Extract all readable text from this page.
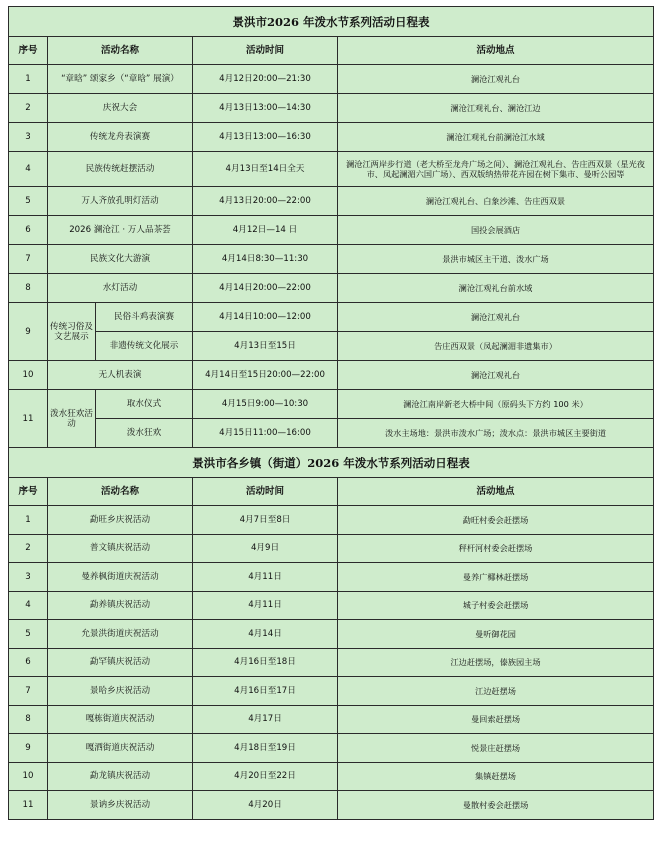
景洪市2026 年泼水节系列活动日程表				
序号	活动名称		活动时间	活动地点
1	“章晗” 颂家乡（“章晗” 展演）		4月12日20:00—21:30	澜沧江观礼台
2	庆祝大会		4月13日13:00—14:30	澜沧江观礼台、澜沧江边
3	传统龙舟表演赛		4月13日13:00—16:30	澜沧江观礼台前澜沧江水域
4	民族传统赶摆活动		4月13日至14日全天	澜沧江两岸步行道（老大桥至龙舟广场之间）、澜沧江观礼台、告庄西双景（星光夜市、凤起澜湄六国广场）、西双版纳热带花卉园在树下集市、曼听公园等
5	万人齐放孔明灯活动		4月13日20:00—22:00	澜沧江观礼台、白象沙滩、告庄西双景
6	2026 澜沧江 · 万人品茶荟		4月12日—14 日	国投会展酒店
7	民族文化大游演		4月14日8:30—11:30	景洪市城区主干道、泼水广场
8	水灯活动		4月14日20:00—22:00	澜沧江观礼台前水域
9	传统习俗及文艺展示	民俗斗鸡表演赛	4月14日10:00—12:00	澜沧江观礼台
		非遗传统文化展示	4月13日至15日	告庄西双景（凤起澜湄非遗集市）
10	无人机表演		4月14日至15日20:00—22:00	澜沧江观礼台
11	泼水狂欢活动	取水仪式	4月15日9:00—10:30	澜沧江南岸新老大桥中间（原码头下方约 100 米）
		泼水狂欢	4月15日11:00—16:00	泼水主场地：景洪市泼水广场；泼水点：景洪市城区主要街道
景洪市各乡镇（街道）2026 年泼水节系列活动日程表				
序号	活动名称		活动时间	活动地点
1	勐旺乡庆祝活动		4月7日至8日	勐旺村委会赶摆场
2	普文镇庆祝活动		4月9日	秤杆河村委会赶摆场
3	曼养枫街道庆祝活动		4月11日	曼养广椰林赶摆场
4	勐养镇庆祝活动		4月11日	城子村委会赶摆场
5	允景洪街道庆祝活动		4月14日	曼听御花园
6	勐罕镇庆祝活动		4月16日至18日	江边赶摆场，傣族园主场
7	景哈乡庆祝活动		4月16日至17日	江边赶摆场
8	嘎栋街道庆祝活动		4月17日	曼回索赶摆场
9	嘎洒街道庆祝活动		4月18日至19日	悦景庄赶摆场
10	勐龙镇庆祝活动		4月20日至22日	集镇赶摆场
11	景讷乡庆祝活动		4月20日	曼散村委会赶摆场
